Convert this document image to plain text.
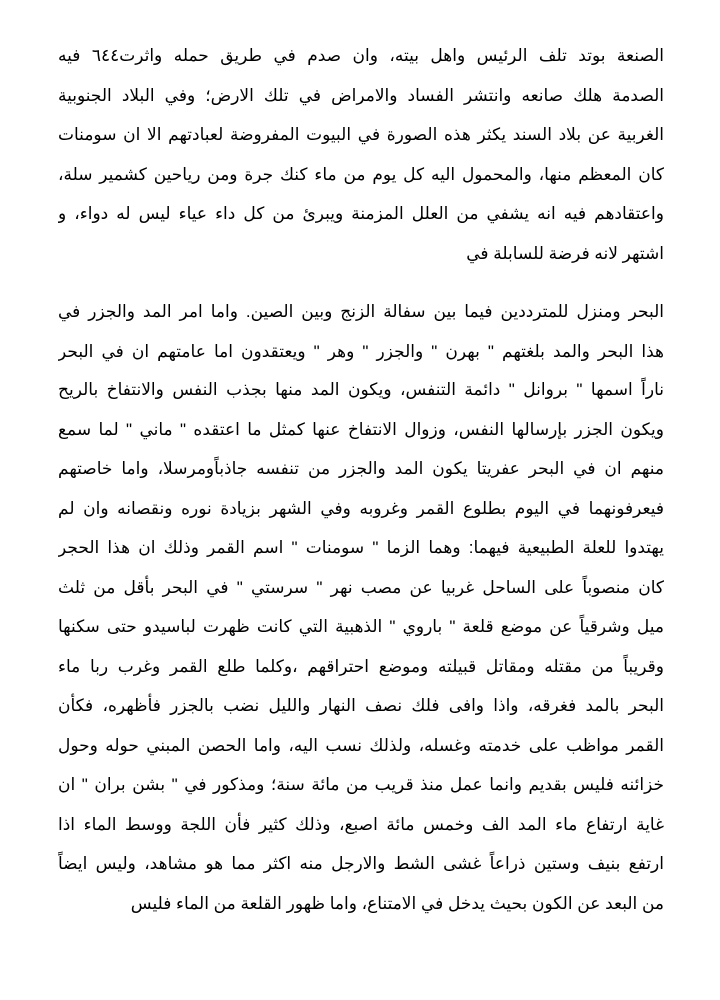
الصنعة بوتد تلف الرئيس واهل بيته، وان صدم في طريق حمله واثرت٦٤٤ فيه
الصدمة هلك صانعه وانتشر الفساد والامراض في تلك الارض؛ وفي البلاد الجنوبية
الغربية عن بلاد السند يكثر هذه الصورة في البيوت المفروضة لعبادتهم الا ان سومنات
كان المعظم منها، والمحمول اليه كل يوم من ماء كنك جرة ومن رياحين كشمير سلة،
واعتقادهم فيه انه يشفي من العلل المزمنة ويبرئ من كل داء عياء ليس له دواء، و
اشتهر لانه فرضة للسابلة في
البحر ومنزل للمترددين فيما بين سفالة الزنج وبين الصين. واما امر المد والجزر في
هذا البحر والمد بلغتهم " بهرن " والجزر " وهر " ويعتقدون اما عامتهم ان في البحر
ناراًَ اسمها " بروانل " دائمة التنفس، ويكون المد منها بجذب النفس والانتفاخ بالريح
ويكون الجزر بإرسالها النفس، وزوال الانتفاخ عنها كمثل ما اعتقده " ماني " لما سمع
منهم ان في البحر عفريتا يكون المد والجزر من تنفسه جاذباًومرسلا، واما خاصتهم
فيعرفونهما في اليوم بطلوع القمر وغروبه وفي الشهر بزيادة نوره ونقصانه وان لم
يهتدوا للعلة الطبيعية فيهما: وهما الزما " سومنات " اسم القمر وذلك ان هذا الحجر
كان منصوباً على الساحل غربيا عن مصب نهر " سرستي " في البحر بأقل من ثلث
ميل وشرقياً عن موضع قلعة " باروي " الذهبية التي كانت ظهرت لباسيدو حتى سكنها
وقريباً من مقتله ومقاتل قبيلته وموضع احتراقهم ،وكلما طلع القمر وغرب ربا ماء
البحر بالمد فغرقه، واذا وافى فلك نصف النهار والليل نضب بالجزر فأظهره، فكأن
القمر مواظب على خدمته وغسله، ولذلك نسب اليه، واما الحصن المبني حوله وحول
خزائنه فليس بقديم وانما عمل منذ قريب من مائة سنة؛ ومذكور في " بشن بران " ان
غاية ارتفاع ماء المد الف وخمس مائة اصبع، وذلك كثير فأن اللجة ووسط الماء اذا
ارتفع بنيف وستين ذراعاً غشى الشط والارجل منه اكثر مما هو مشاهد، وليس ايضاً
من البعد عن الكون بحيث يدخل في الامتناع، واما ظهور القلعة من الماء فليس
